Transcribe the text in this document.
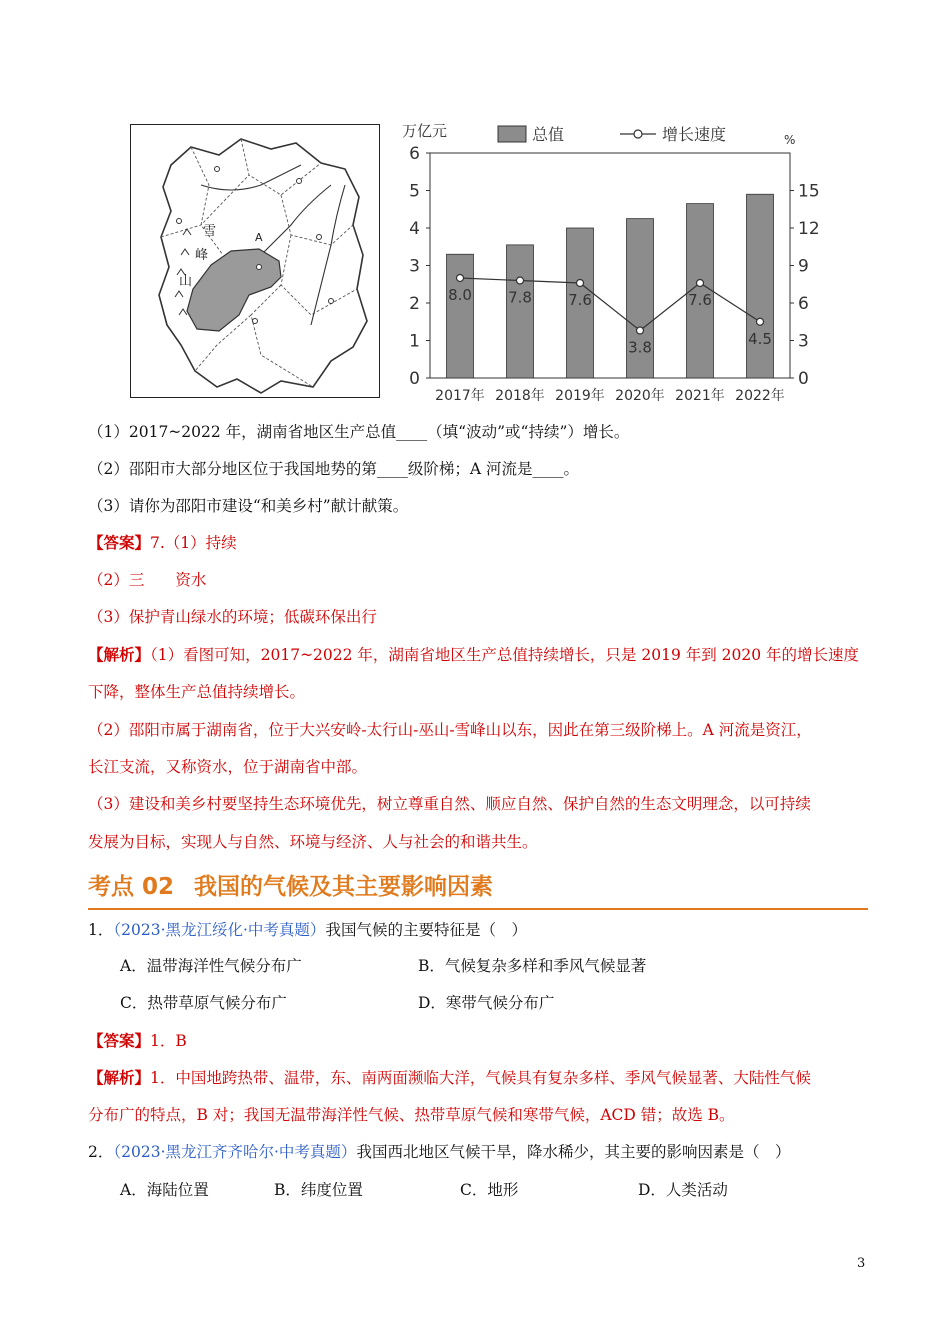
雪
峰
山
A
0
1
2
3
4
5
6
0
3
6
9
12
15
万亿元	%
总值	增长速度
2017年 2018年 2019年 2020年 2021年 2022年
8.0 7.8 7.6
3.8
7.6
4.5
（1）2017~2022 年，湖南省地区生产总值____（填“波动”或“持续”）增长。
（2）邵阳市大部分地区位于我国地势的第____级阶梯；A 河流是____。
（3）请你为邵阳市建设“和美乡村”献计献策。
【答案】7.（1）持续
（2）三　　资水
（3）保护青山绿水的环境；低碳环保出行
【解析】（1）看图可知，2017~2022 年，湖南省地区生产总值持续增长，只是 2019 年到 2020 年的增长速度
下降，整体生产总值持续增长。
（2）邵阳市属于湖南省，位于大兴安岭-太行山-巫山-雪峰山以东，因此在第三级阶梯上。A 河流是资江，
长江支流，又称资水，位于湖南省中部。
（3）建设和美乡村要坚持生态环境优先，树立尊重自然、顺应自然、保护自然的生态文明理念，以可持续
发展为目标，实现人与自然、环境与经济、人与社会的和谐共生。
考点 02 我国的气候及其主要影响因素
1．（2023·黑龙江绥化·中考真题）我国气候的主要特征是（　）
A．温带海洋性气候分布广	B．气候复杂多样和季风气候显著
C．热带草原气候分布广	D．寒带气候分布广
【答案】1．B
【解析】1．中国地跨热带、温带，东、南两面濒临大洋，气候具有复杂多样、季风气候显著、大陆性气候
分布广的特点，B 对；我国无温带海洋性气候、热带草原气候和寒带气候，ACD 错；故选 B。
2．（2023·黑龙江齐齐哈尔·中考真题）我国西北地区气候干旱，降水稀少，其主要的影响因素是（　）
A．海陆位置	B．纬度位置	C．地形	D．人类活动
3
